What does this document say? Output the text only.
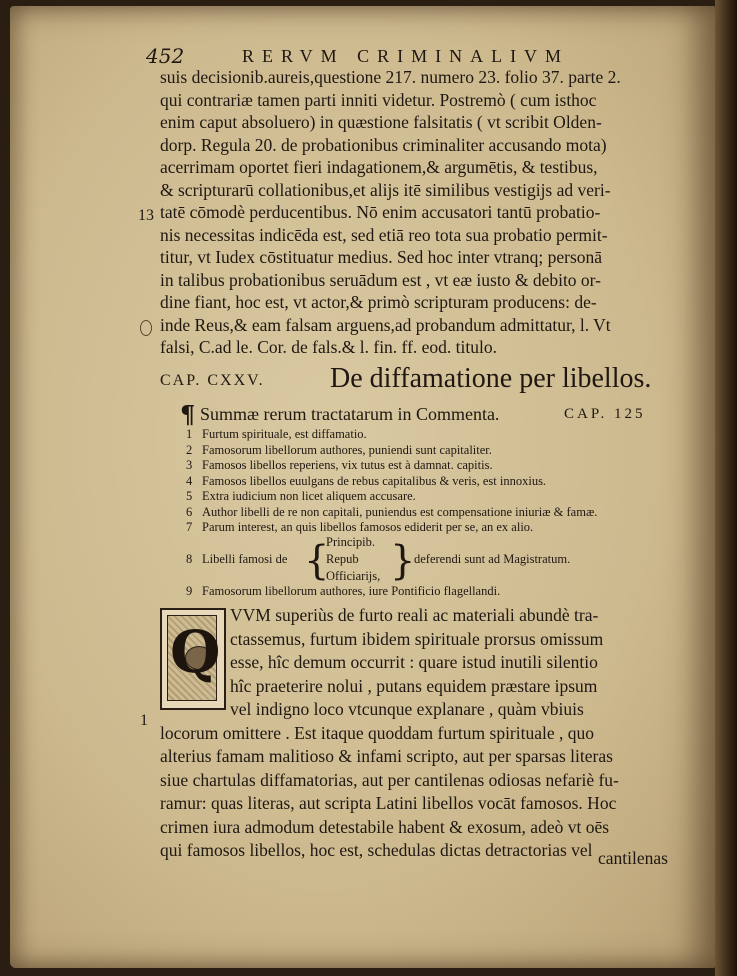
452	RERVM CRIMINALIVM
suis decisionib.aureis,questione 217. numero 23. folio 37. parte 2.
qui contrariæ tamen parti inniti videtur. Postremò ( cum isthoc
enim caput absoluero) in quæstione falsitatis ( vt scribit Olden-
dorp. Regula 20. de probationibus criminaliter accusando mota)
acerrimam oportet fieri indagationem,& argumētis, & testibus,
& scripturarū collationibus,et alijs itē similibus vestigijs ad veri-
tatē cōmodè perducentibus. Nō enim accusatori tantū probatio-
nis necessitas indicēda est, sed etiā reo tota sua probatio permit-
titur, vt Iudex cōstituatur medius. Sed hoc inter vtranq; personā
in talibus probationibus seruādum est , vt eæ iusto & debito or-
dine fiant, hoc est, vt actor,& primò scripturam producens: de-
inde Reus,& eam falsam arguens,ad probandum admittatur, l. Vt
falsi, C.ad le. Cor. de fals.& l. fin. ff. eod. titulo.
13
CAP. CXXV. De diffamatione per libellos.
¶ Summæ rerum tractatarum in Commenta.	CAP. 125
1 Furtum spirituale, est diffamatio.
2 Famosorum libellorum authores, puniendi sunt capitaliter.
3 Famosos libellos reperiens, vix tutus est à damnat. capitis.
4 Famosos libellos euulgans de rebus capitalibus & veris, est innoxius.
5 Extra iudicium non licet aliquem accusare.
6 Author libelli de re non capitali, puniendus est compensatione iniuriæ & famæ.
7 Parum interest, an quis libellos famosos ediderit per se, an ex alio.
8 Libelli famosi de {
Principib.
Repub
Officiarijs, }
deferendi sunt ad Magistratum.
9 Famosorum libellorum authores, iure Pontificio flagellandi.
Q
VVM superiùs de furto reali ac materiali abundè tra-
ctassemus, furtum ibidem spirituale prorsus omissum
esse, hîc demum occurrit : quare istud inutili silentio
hîc praeterire nolui , putans equidem præstare ipsum
vel indigno loco vtcunque explanare , quàm vbiuis
locorum omittere . Est itaque quoddam furtum spirituale , quo
alterius famam malitioso & infami scripto, aut per sparsas literas
siue chartulas diffamatorias, aut per cantilenas odiosas nefariè fu-
ramur: quas literas, aut scripta Latini libellos vocāt famosos. Hoc
crimen iura admodum detestabile habent & exosum, adeò vt oēs
qui famosos libellos, hoc est, schedulas dictas detractorias vel
1
cantilenas
